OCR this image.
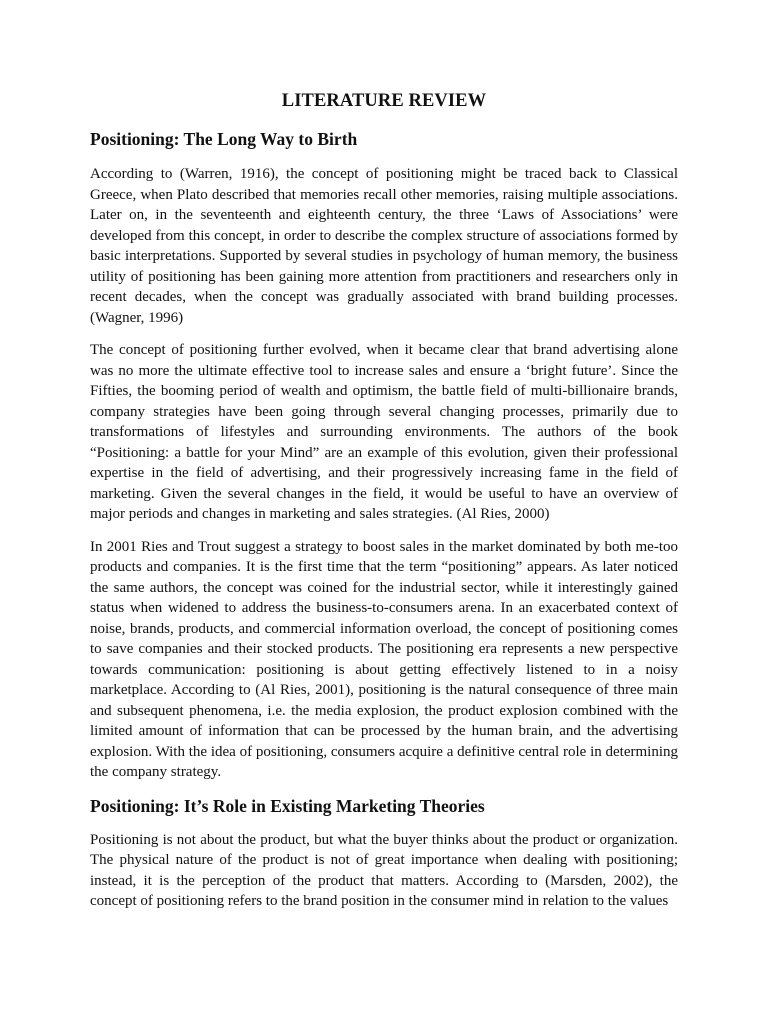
LITERATURE REVIEW
Positioning: The Long Way to Birth

According to (Warren, 1916), the concept of positioning might be traced back to Classical Greece, when Plato described that memories recall other memories, raising multiple associations. Later on, in the seventeenth and eighteenth century, the three ‘Laws of Associations’ were developed from this concept, in order to describe the complex structure of associations formed by basic interpretations. Supported by several studies in psychology of human memory, the business utility of positioning has been gaining more attention from practitioners and researchers only in recent decades, when the concept was gradually associated with brand building processes. (Wagner, 1996)

The concept of positioning further evolved, when it became clear that brand advertising alone was no more the ultimate effective tool to increase sales and ensure a ‘bright future’. Since the Fifties, the booming period of wealth and optimism, the battle field of multi-billionaire brands, company strategies have been going through several changing processes, primarily due to transformations of lifestyles and surrounding environments. The authors of the book “Positioning: a battle for your Mind” are an example of this evolution, given their professional expertise in the field of advertising, and their progressively increasing fame in the field of marketing. Given the several changes in the field, it would be useful to have an overview of major periods and changes in marketing and sales strategies. (Al Ries, 2000)

In 2001 Ries and Trout suggest a strategy to boost sales in the market dominated by both me-too products and companies. It is the first time that the term “positioning” appears. As later noticed the same authors, the concept was coined for the industrial sector, while it interestingly gained status when widened to address the business-to-consumers arena. In an exacerbated context of noise, brands, products, and commercial information overload, the concept of positioning comes to save companies and their stocked products. The positioning era represents a new perspective towards communication: positioning is about getting effectively listened to in a noisy marketplace. According to (Al Ries, 2001), positioning is the natural consequence of three main and subsequent phenomena, i.e. the media explosion, the product explosion combined with the limited amount of information that can be processed by the human brain, and the advertising explosion. With the idea of positioning, consumers acquire a definitive central role in determining the company strategy.

Positioning: It’s Role in Existing Marketing Theories

Positioning is not about the product, but what the buyer thinks about the product or organization. The physical nature of the product is not of great importance when dealing with positioning; instead, it is the perception of the product that matters. According to (Marsden, 2002), the concept of positioning refers to the brand position in the consumer mind in relation to the values
